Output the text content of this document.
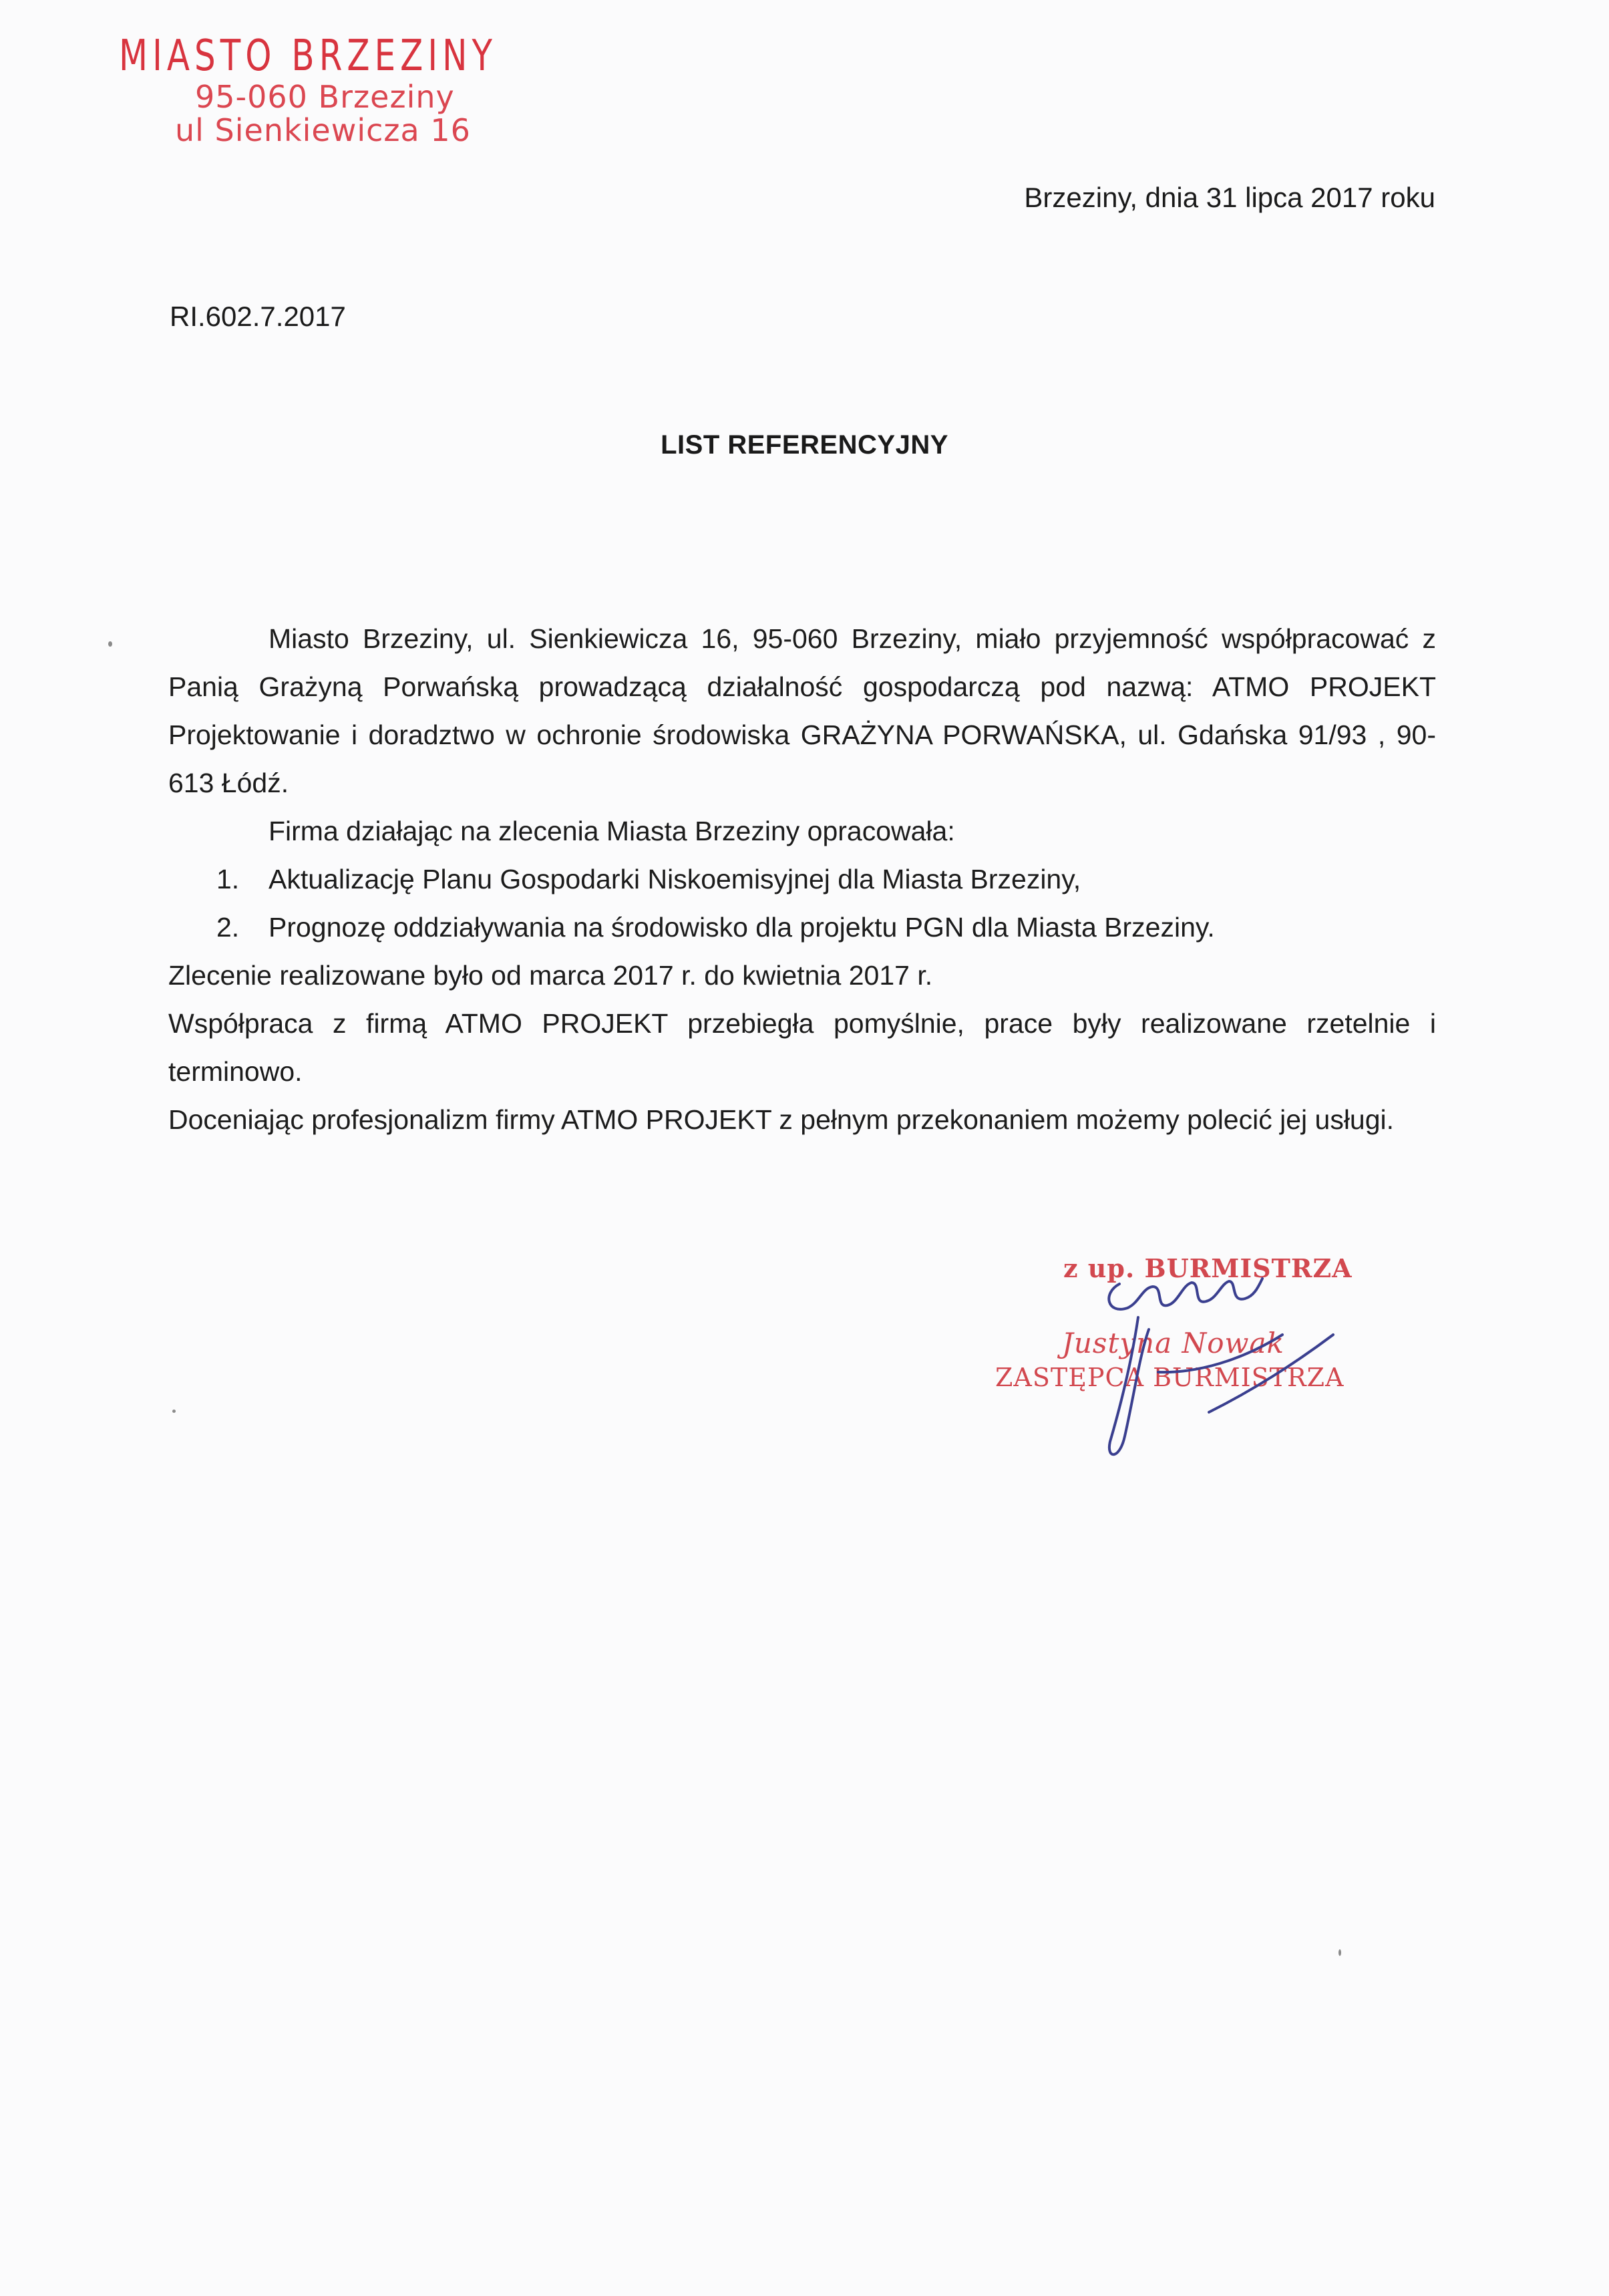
MIASTO BRZEZINY
95-060 Brzeziny
ul Sienkiewicza 16
Brzeziny, dnia 31 lipca 2017 roku
RI.602.7.2017
LIST REFERENCYJNY

Miasto Brzeziny, ul. Sienkiewicza 16, 95-060 Brzeziny, miało przyjemność współpracować z Panią Grażyną Porwańską prowadzącą działalność gospodarczą pod nazwą: ATMO PROJEKT Projektowanie i doradztwo w ochronie środowiska GRAŻYNA PORWAŃSKA, ul. Gdańska 91/93 , 90-613 Łódź.

Firma działając na zlecenia Miasta Brzeziny opracowała:

1. Aktualizację Planu Gospodarki Niskoemisyjnej dla Miasta Brzeziny,
2. Prognozę oddziaływania na środowisko dla projektu PGN dla Miasta Brzeziny.

Zlecenie realizowane było od marca 2017 r. do kwietnia 2017 r.

Współpraca z firmą ATMO PROJEKT przebiegła pomyślnie, prace były realizowane rzetelnie i terminowo.

Doceniając profesjonalizm firmy ATMO PROJEKT z pełnym przekonaniem możemy polecić jej usługi.

z up. BURMISTRZA
Justyna Nowak
ZASTĘPCA BURMISTRZA
